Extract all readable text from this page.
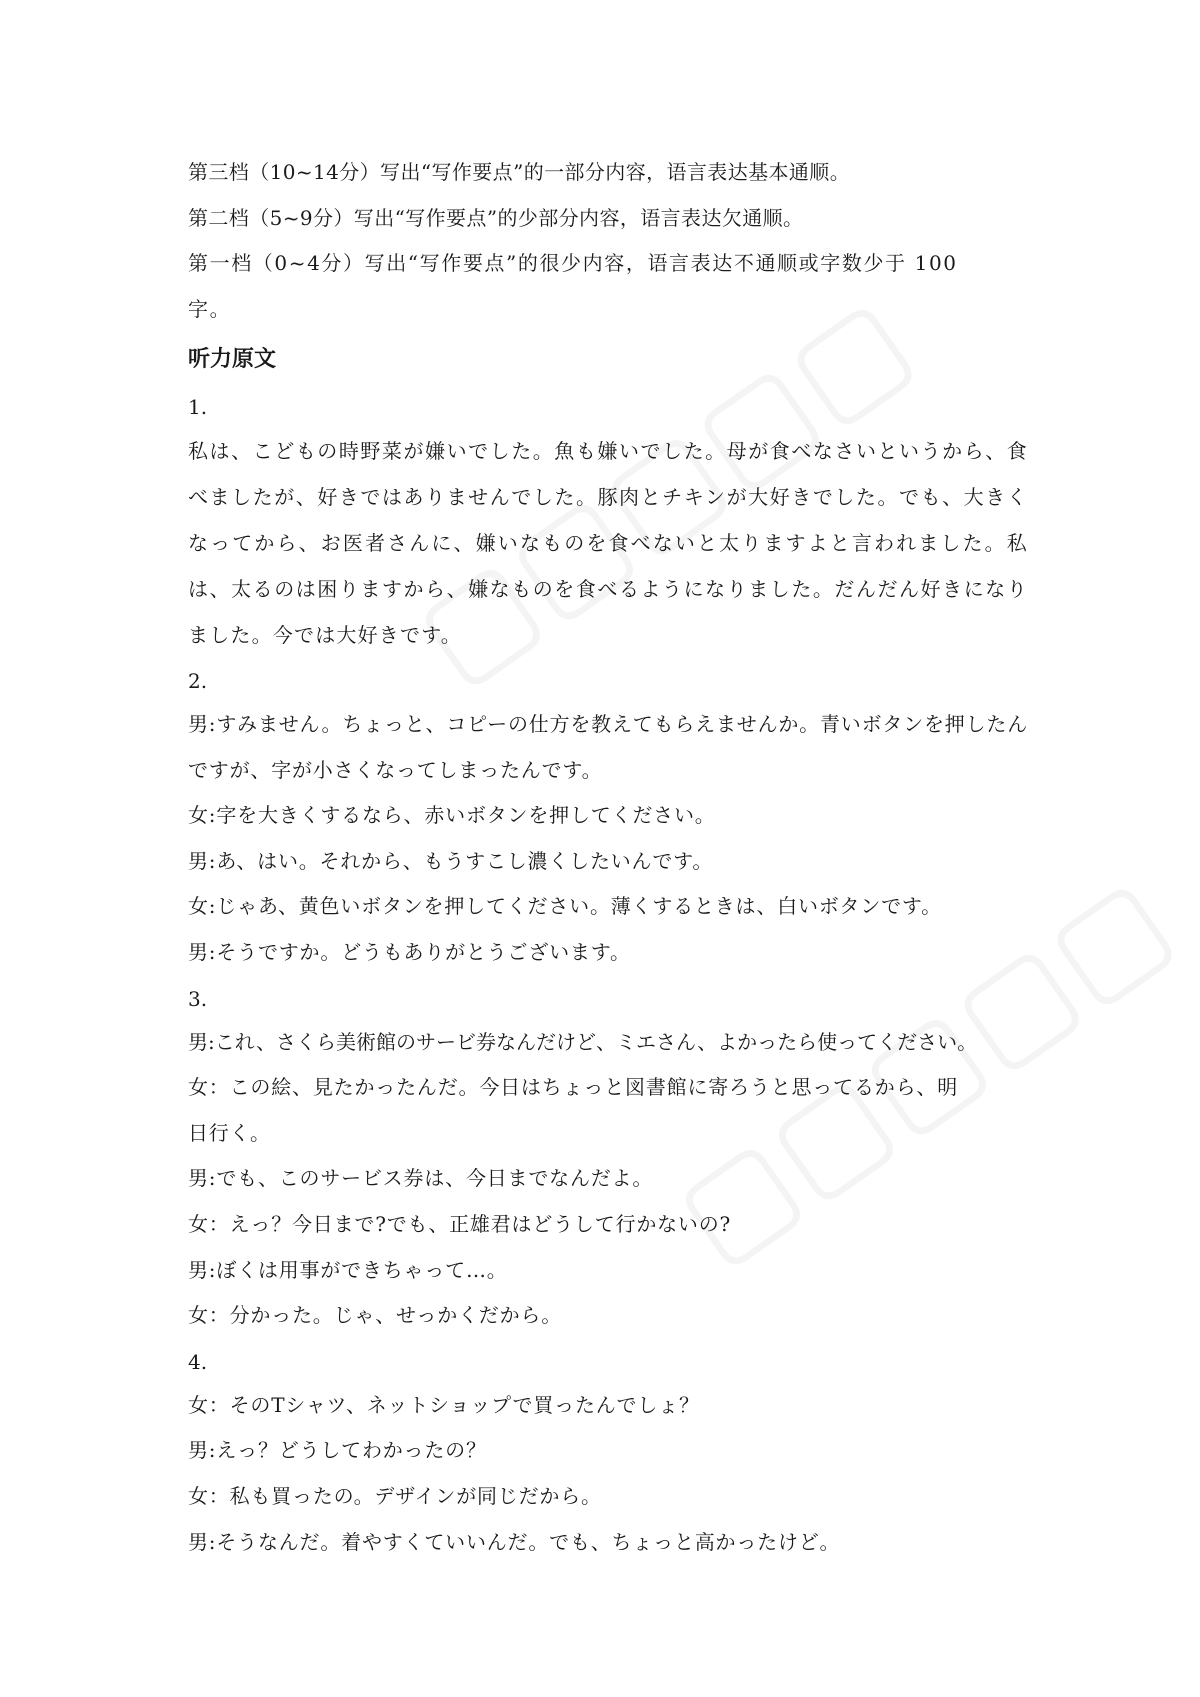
第三档（10~14分）写出“写作要点”的一部分内容，语言表达基本通顺。
第二档（5~9分）写出“写作要点”的少部分内容，语言表达欠通顺。
第一档（0~4分）写出“写作要点”的很少内容，语言表达不通顺或字数少于 100字。
听力原文
1.
私は、こどもの時野菜が嫌いでした。魚も嫌いでした。母が食べなさいというから、食べましたが、好きではありませんでした。豚肉とチキンが大好きでした。でも、大きくなってから、お医者さんに、嫌いなものを食べないと太りますよと言われました。私は、太るのは困りますから、嫌なものを食べるようになりました。だんだん好きになりました。今では大好きです。
2.
男:すみません。ちょっと、コピーの仕方を教えてもらえませんか。青いボタンを押したんですが、字が小さくなってしまったんです。
女:字を大きくするなら、赤いボタンを押してください。
男:あ、はい。それから、もうすこし濃くしたいんです。
女:じゃあ、黄色いボタンを押してください。薄くするときは、白いボタンです。
男:そうですか。どうもありがとうございます。
3.
男:これ、さくら美術館のサービ券なんだけど、ミエさん、よかったら使ってください。
女：この絵、見たかったんだ。今日はちょっと図書館に寄ろうと思ってるから、明日行く。
男:でも、このサービス券は、今日までなんだよ。
女：えっ？今日まで?でも、正雄君はどうして行かないの?
男:ぼくは用事ができちゃって…。
女：分かった。じゃ、せっかくだから。
4.
女：そのTシャツ、ネットショップで買ったんでしょ？
男:えっ？どうしてわかったの？
女：私も買ったの。デザインが同じだから。
男:そうなんだ。着やすくていいんだ。でも、ちょっと高かったけど。
